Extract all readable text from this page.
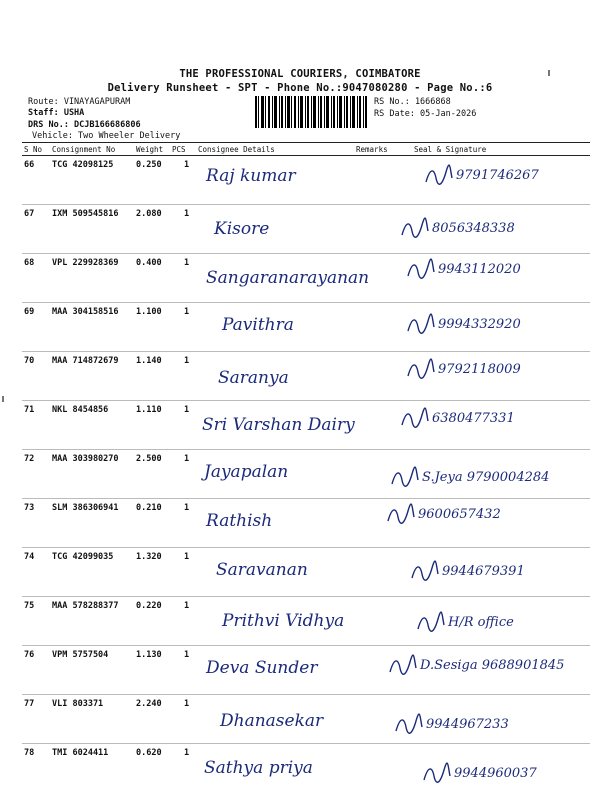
THE PROFESSIONAL COURIERS, COIMBATORE
Delivery Runsheet - SPT - Phone No.:9047080280 - Page No.:6
Route: VINAYAGAPURAM
Staff: USHA
DRS No.: DCJB166686806
Vehicle: Two Wheeler Delivery
RS No.: 1666868
RS Date: 05-Jan-2026
S No Consignment No	Weight PCS Consignee Details	Remarks	Seal & Signature
66 TCG 42098125	0.250	1
Raj kumar	9791746267
67 IXM 509545816 2.080	1
Kisore	8056348338
68 VPL 229928369 0.400	1
Sangaranarayanan	9943112020
69 MAA 304158516 1.100	1
Pavithra	9994332920
70 MAA 714872679 1.140	1
Saranya	9792118009
71 NKL 8454856	1.110	1
Sri Varshan Dairy	6380477331
72 MAA 303980270 2.500	1
Jayapalan	S.Jeya 9790004284
73 SLM 386306941 0.210	1
Rathish	9600657432
74 TCG 42099035	1.320	1
Saravanan	9944679391
75 MAA 578288377 0.220	1
Prithvi Vidhya	H/R office
76 VPM 5757504	1.130	1
Deva Sunder	D.Sesiga 9688901845
77 VLI 803371	2.240	1
Dhanasekar	9944967233
78 TMI 6024411	0.620	1
Sathya priya	9944960037
